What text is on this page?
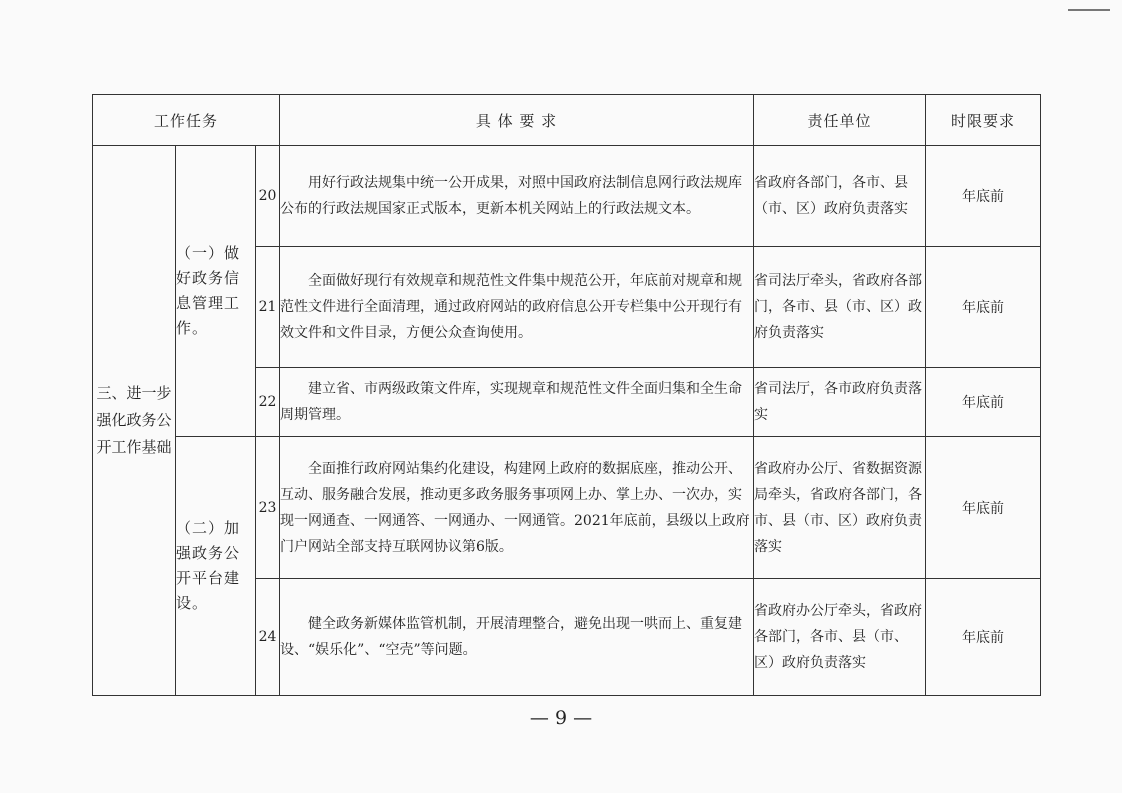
工作任务			具 体 要 求	责任单位	时限要求
三、进一步强化政务公开工作基础	（一）做好政务信息管理工作。	20	用好行政法规集中统一公开成果，对照中国政府法制信息网行政法规库公布的行政法规国家正式版本，更新本机关网站上的行政法规文本。	省政府各部门，各市、县（市、区）政府负责落实	年底前
		21	全面做好现行有效规章和规范性文件集中规范公开，年底前对规章和规范性文件进行全面清理，通过政府网站的政府信息公开专栏集中公开现行有效文件和文件目录，方便公众查询使用。	省司法厅牵头，省政府各部门，各市、县（市、区）政府负责落实	年底前
		22	建立省、市两级政策文件库，实现规章和规范性文件全面归集和全生命周期管理。	省司法厅，各市政府负责落实	年底前
	（二）加强政务公开平台建设。	23	全面推行政府网站集约化建设，构建网上政府的数据底座，推动公开、互动、服务融合发展，推动更多政务服务事项网上办、掌上办、一次办，实现一网通查、一网通答、一网通办、一网通管。2021年底前，县级以上政府门户网站全部支持互联网协议第6版。	省政府办公厅、省数据资源局牵头，省政府各部门，各市、县（市、区）政府负责落实	年底前
		24	健全政务新媒体监管机制，开展清理整合，避免出现一哄而上、重复建设、“娱乐化”、“空壳”等问题。	省政府办公厅牵头，省政府各部门，各市、县（市、区）政府负责落实	年底前
— 9 —
